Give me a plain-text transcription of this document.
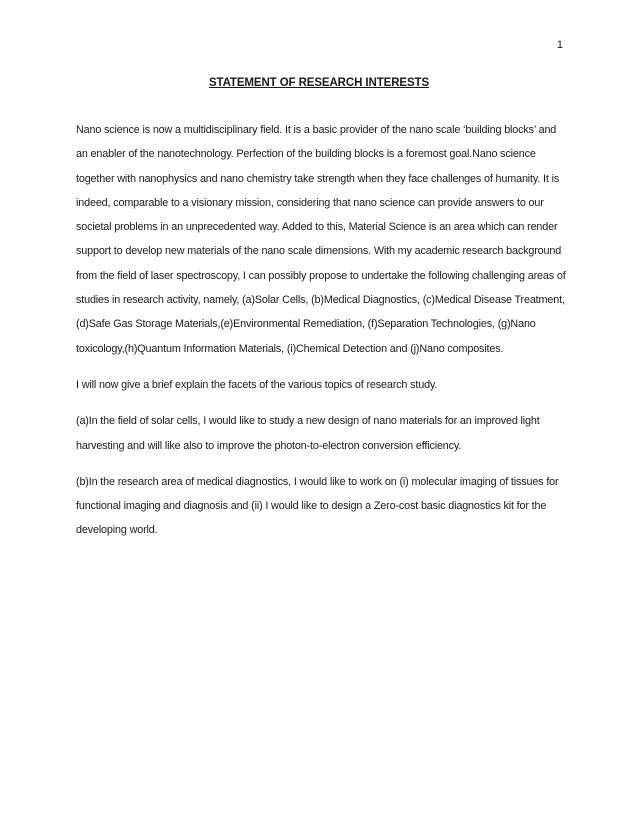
1
STATEMENT OF RESEARCH INTERESTS

Nano science is now a multidisciplinary field. It is a basic provider of the nano scale ‘building blocks’ and an enabler of the nanotechnology. Perfection of the building blocks is a foremost goal.Nano science together with nanophysics and nano chemistry take strength when they face challenges of humanity. It is indeed, comparable to a visionary mission, considering that nano science can provide answers to our societal problems in an unprecedented way. Added to this, Material Science is an area which can render support to develop new materials of the nano scale dimensions. With my academic research background from the field of laser spectroscopy, I can possibly propose to undertake the following challenging areas of studies in research activity, namely, (a)Solar Cells, (b)Medical Diagnostics, (c)Medical Disease Treatment, (d)Safe Gas Storage Materials,(e)Environmental Remediation, (f)Separation Technologies, (g)Nano toxicology,(h)Quantum Information Materials, (i)Chemical Detection and (j)Nano composites.

I will now give a brief explain the facets of the various topics of research study.

(a)In the field of solar cells, I would like to study a new design of nano materials for an improved light harvesting and will like also to improve the photon-to-electron conversion efficiency.

(b)In the research area of medical diagnostics, I would like to work on (i) molecular imaging of tissues for functional imaging and diagnosis and (ii) I would like to design a Zero-cost basic diagnostics kit for the developing world.
